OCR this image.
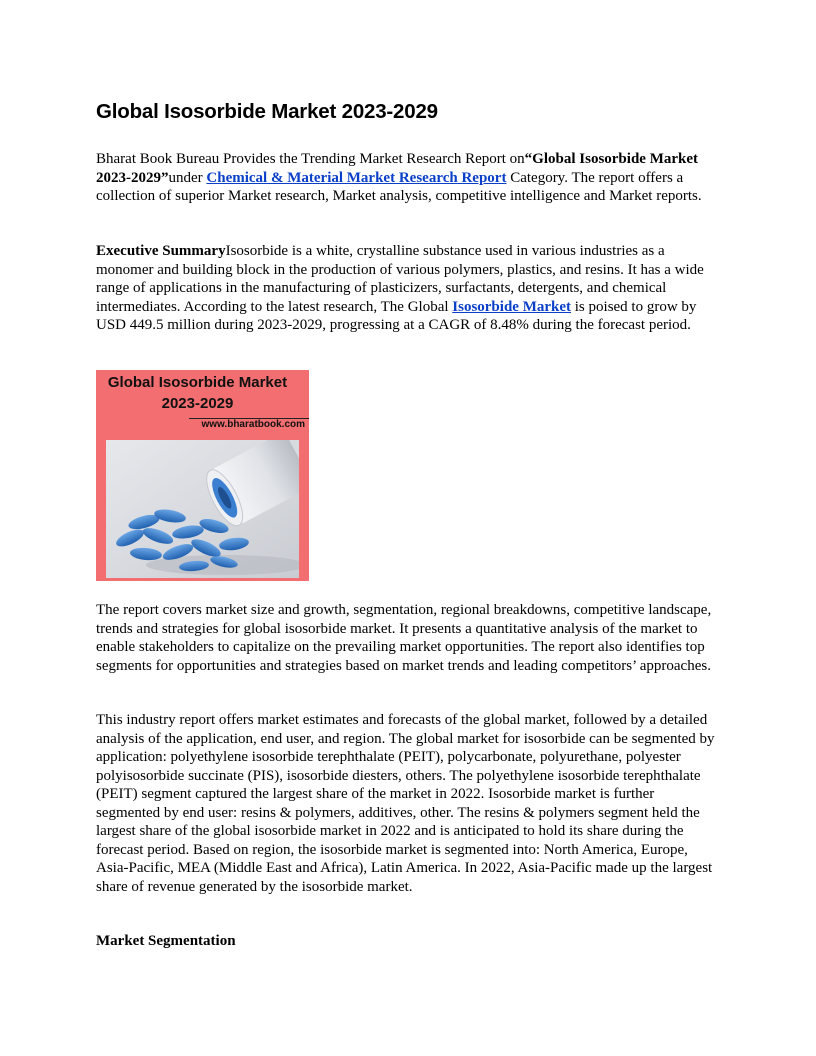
Global Isosorbide Market 2023-2029

Bharat Book Bureau Provides the Trending Market Research Report on“Global Isosorbide Market 2023-2029”under Chemical & Material Market Research Report Category. The report offers a collection of superior Market research, Market analysis, competitive intelligence and Market reports.

Executive SummaryIsosorbide is a white, crystalline substance used in various industries as a monomer and building block in the production of various polymers, plastics, and resins. It has a wide range of applications in the manufacturing of plasticizers, surfactants, detergents, and chemical intermediates. According to the latest research, The Global Isosorbide Market is poised to grow by USD 449.5 million during 2023-2029, progressing at a CAGR of 8.48% during the forecast period.

Global Isosorbide Market 2023-2029
www.bharatbook.com

The report covers market size and growth, segmentation, regional breakdowns, competitive landscape, trends and strategies for global isosorbide market. It presents a quantitative analysis of the market to enable stakeholders to capitalize on the prevailing market opportunities. The report also identifies top segments for opportunities and strategies based on market trends and leading competitors’ approaches.

This industry report offers market estimates and forecasts of the global market, followed by a detailed analysis of the application, end user, and region. The global market for isosorbide can be segmented by application: polyethylene isosorbide terephthalate (PEIT), polycarbonate, polyurethane, polyester polyisosorbide succinate (PIS), isosorbide diesters, others. The polyethylene isosorbide terephthalate (PEIT) segment captured the largest share of the market in 2022. Isosorbide market is further segmented by end user: resins & polymers, additives, other. The resins & polymers segment held the largest share of the global isosorbide market in 2022 and is anticipated to hold its share during the forecast period. Based on region, the isosorbide market is segmented into: North America, Europe, Asia-Pacific, MEA (Middle East and Africa), Latin America. In 2022, Asia-Pacific made up the largest share of revenue generated by the isosorbide market.

Market Segmentation
